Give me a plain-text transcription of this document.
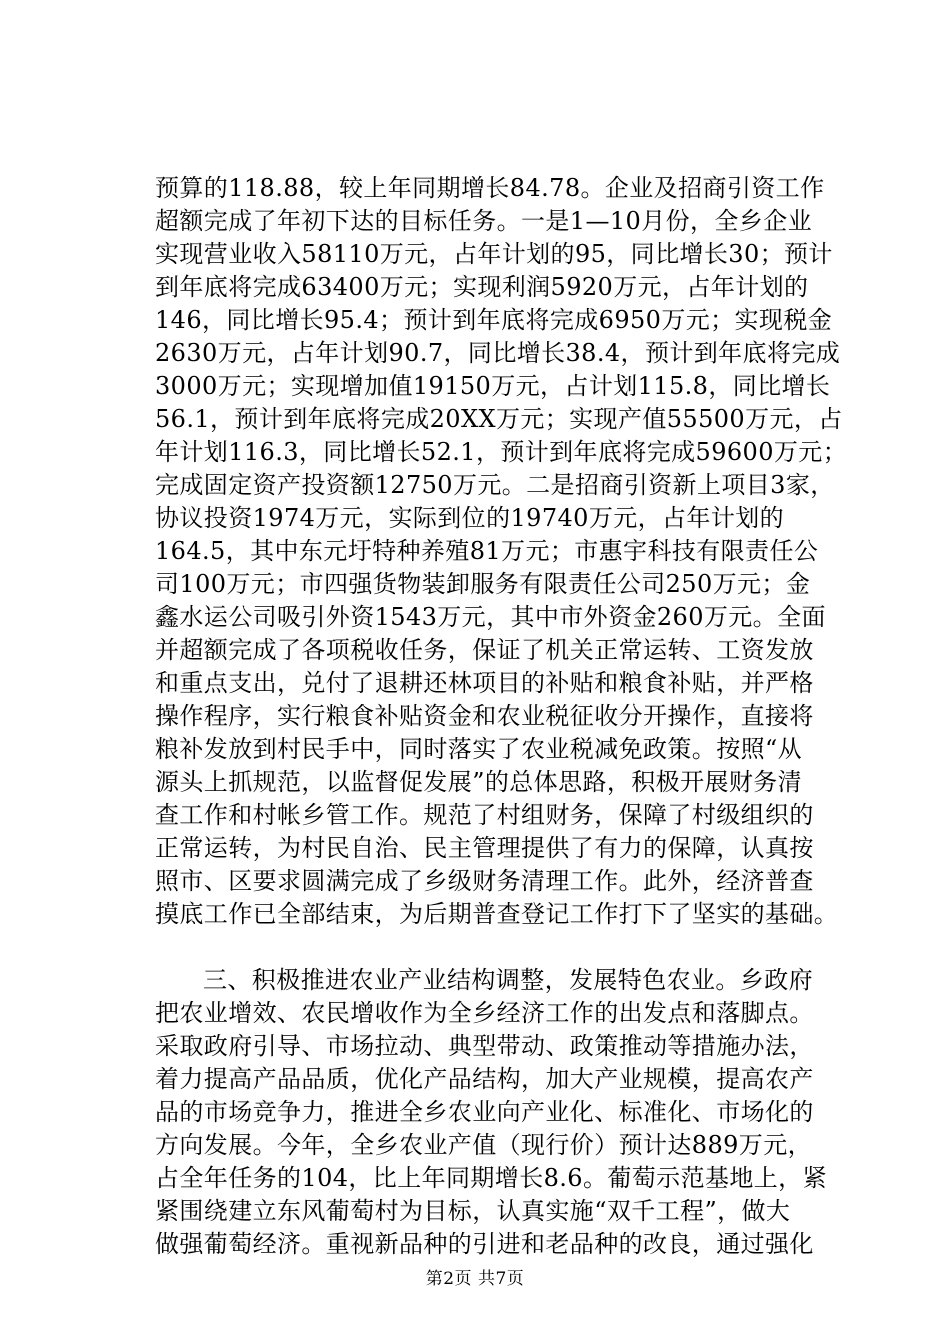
预算的118.88，较上年同期增长84.78。企业及招商引资工作
超额完成了年初下达的目标任务。一是1—10月份，全乡企业
实现营业收入58110万元，占年计划的95，同比增长30；预计
到年底将完成63400万元；实现利润5920万元，占年计划的
146，同比增长95.4；预计到年底将完成6950万元；实现税金
2630万元，占年计划90.7，同比增长38.4，预计到年底将完成
3000万元；实现增加值19150万元，占计划115.8，同比增长
56.1，预计到年底将完成20XX万元；实现产值55500万元，占
年计划116.3，同比增长52.1，预计到年底将完成59600万元；
完成固定资产投资额12750万元。二是招商引资新上项目3家，
协议投资1974万元，实际到位的19740万元，占年计划的
164.5，其中东元圩特种养殖81万元；市惠宇科技有限责任公
司100万元；市四强货物装卸服务有限责任公司250万元；金
鑫水运公司吸引外资1543万元，其中市外资金260万元。全面
并超额完成了各项税收任务，保证了机关正常运转、工资发放
和重点支出，兑付了退耕还林项目的补贴和粮食补贴，并严格
操作程序，实行粮食补贴资金和农业税征收分开操作，直接将
粮补发放到村民手中，同时落实了农业税减免政策。按照“从
源头上抓规范，以监督促发展”的总体思路，积极开展财务清
查工作和村帐乡管工作。规范了村组财务，保障了村级组织的
正常运转，为村民自治、民主管理提供了有力的保障，认真按
照市、区要求圆满完成了乡级财务清理工作。此外，经济普查
摸底工作已全部结束，为后期普查登记工作打下了坚实的基础。
三、积极推进农业产业结构调整，发展特色农业。乡政府
把农业增效、农民增收作为全乡经济工作的出发点和落脚点。
采取政府引导、市场拉动、典型带动、政策推动等措施办法，
着力提高产品品质，优化产品结构，加大产业规模，提高农产
品的市场竞争力，推进全乡农业向产业化、标准化、市场化的
方向发展。今年，全乡农业产值（现行价）预计达889万元，
占全年任务的104，比上年同期增长8.6。葡萄示范基地上，紧
紧围绕建立东风葡萄村为目标，认真实施“双千工程”，做大
做强葡萄经济。重视新品种的引进和老品种的改良，通过强化
第2页 共7页
